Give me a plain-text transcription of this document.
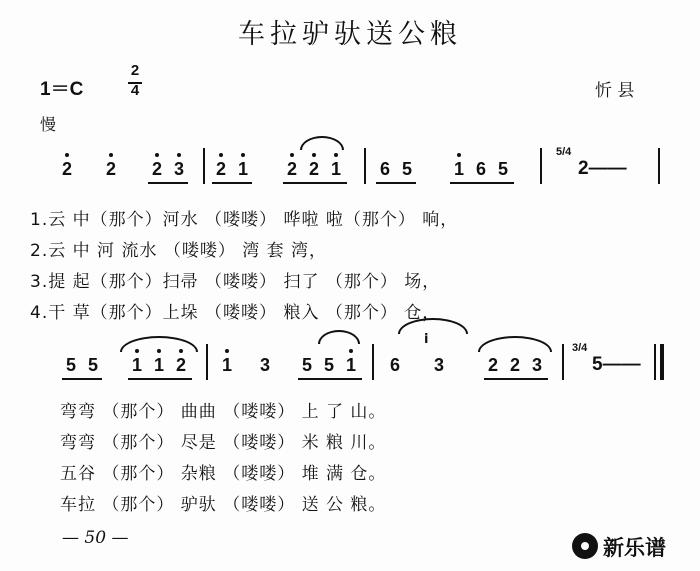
车拉驴驮送公粮
1＝C
2
4	忻 县
慢
2 2 2 3 2 1 2 2 1 6 5 1 6 5
5/4
2——
1.云 中（那个）河水 （喽喽） 哗啦 啦（那个） 响，
2.云 中 河 流水 （喽喽） 湾 套 湾，
3.提 起（那个）扫帚 （喽喽） 扫了 （那个） 场，
4.干 草（那个）上垛 （喽喽） 粮入 （那个） 仓，
5 5 1 1 2 1 3 5 5 1 6
i
3 2 2 3
3/4
5——
弯弯 （那个） 曲曲 （喽喽） 上 了 山。
弯弯 （那个） 尽是 （喽喽） 米 粮 川。
五谷 （那个） 杂粮 （喽喽） 堆 满 仓。
车拉 （那个） 驴驮 （喽喽） 送 公 粮。
— 50 —	新乐谱
